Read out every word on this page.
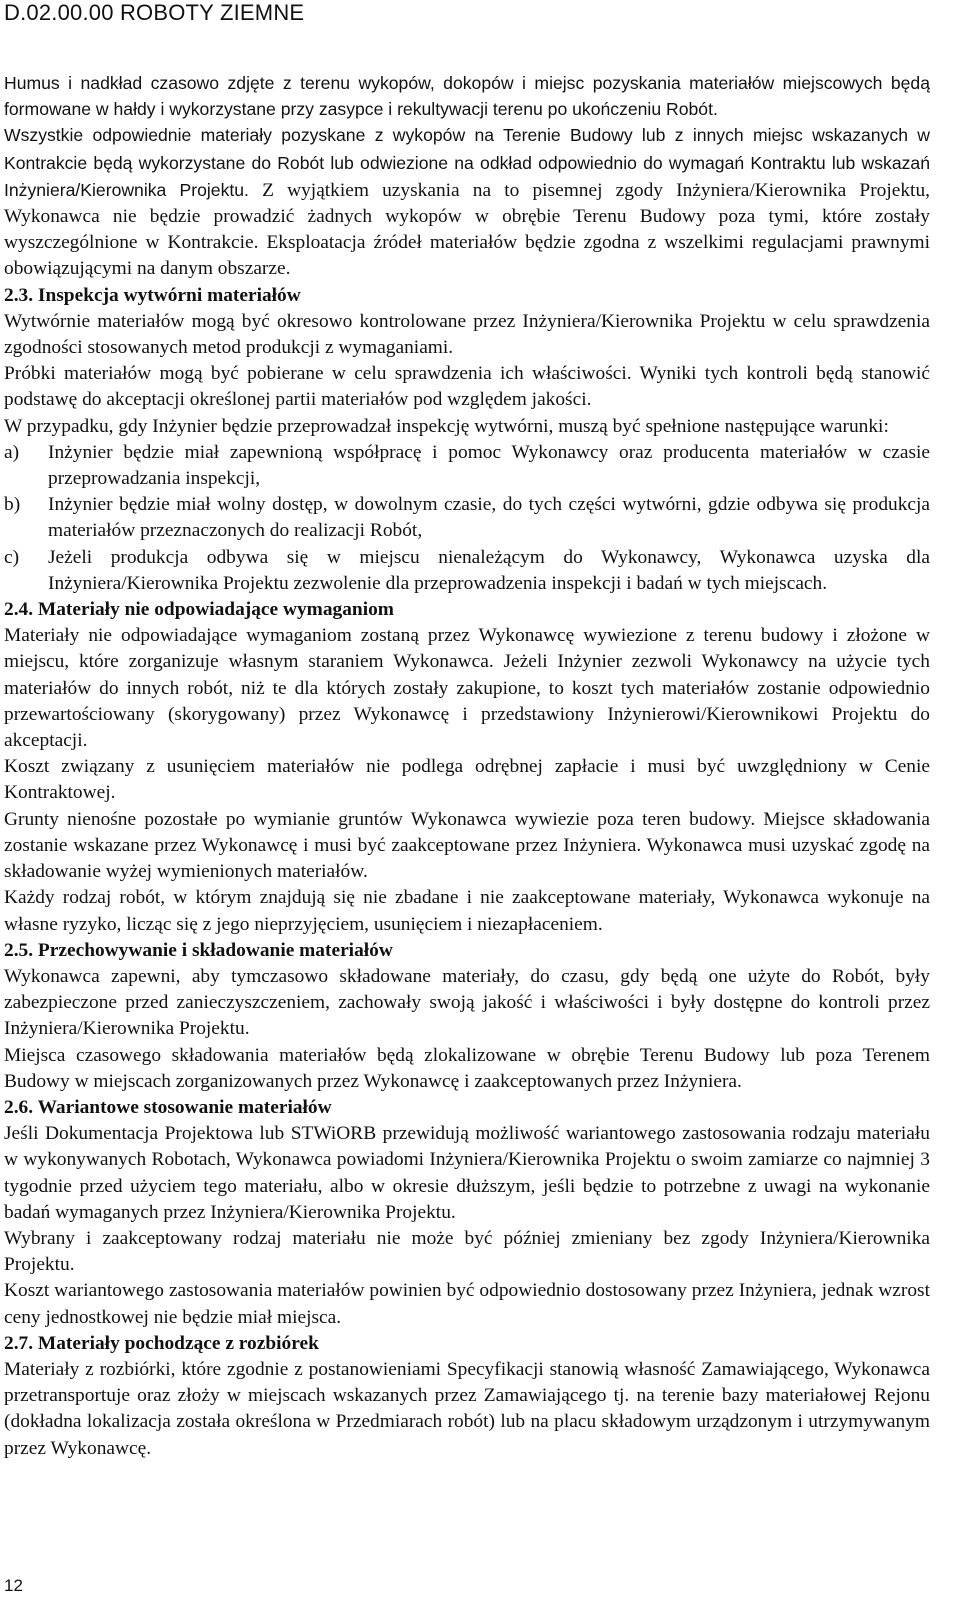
D.02.00.00 ROBOTY ZIEMNE

Humus i nadkład czasowo zdjęte z terenu wykopów, dokopów i miejsc pozyskania materiałów miejscowych będą formowane w hałdy i wykorzystane przy zasypce i rekultywacji terenu po ukończeniu Robót.

Wszystkie odpowiednie materiały pozyskane z wykopów na Terenie Budowy lub z innych miejsc wskazanych w Kontrakcie będą wykorzystane do Robót lub odwiezione na odkład odpowiednio do wymagań Kontraktu lub wskazań Inżyniera/Kierownika Projektu. Z wyjątkiem uzyskania na to pisemnej zgody Inżyniera/Kierownika Projektu, Wykonawca nie będzie prowadzić żadnych wykopów w obrębie Terenu Budowy poza tymi, które zostały wyszczególnione w Kontrakcie. Eksploatacja źródeł materiałów będzie zgodna z wszelkimi regulacjami prawnymi obowiązującymi na danym obszarze.

2.3. Inspekcja wytwórni materiałów

Wytwórnie materiałów mogą być okresowo kontrolowane przez Inżyniera/Kierownika Projektu w celu sprawdzenia zgodności stosowanych metod produkcji z wymaganiami.

Próbki materiałów mogą być pobierane w celu sprawdzenia ich właściwości. Wyniki tych kontroli będą stanowić podstawę do akceptacji określonej partii materiałów pod względem jakości.

W przypadku, gdy Inżynier będzie przeprowadzał inspekcję wytwórni, muszą być spełnione następujące warunki:

a)	Inżynier będzie miał zapewnioną współpracę i pomoc Wykonawcy oraz producenta materiałów w czasie przeprowadzania inspekcji,
b)	Inżynier będzie miał wolny dostęp, w dowolnym czasie, do tych części wytwórni, gdzie odbywa się produkcja materiałów przeznaczonych do realizacji Robót,
c)	Jeżeli produkcja odbywa się w miejscu nienależącym do Wykonawcy, Wykonawca uzyska dla Inżyniera/Kierownika Projektu zezwolenie dla przeprowadzenia inspekcji i badań w tych miejscach.
2.4. Materiały nie odpowiadające wymaganiom

Materiały nie odpowiadające wymaganiom zostaną przez Wykonawcę wywiezione z terenu budowy i złożone w miejscu, które zorganizuje własnym staraniem Wykonawca. Jeżeli Inżynier zezwoli Wykonawcy na użycie tych materiałów do innych robót, niż te dla których zostały zakupione, to koszt tych materiałów zostanie odpowiednio przewartościowany (skorygowany) przez Wykonawcę i przedstawiony Inżynierowi/Kierownikowi Projektu do akceptacji.

Koszt związany z usunięciem materiałów nie podlega odrębnej zapłacie i musi być uwzględniony w Cenie Kontraktowej.

Grunty nienośne pozostałe po wymianie gruntów Wykonawca wywiezie poza teren budowy. Miejsce składowania zostanie wskazane przez Wykonawcę i musi być zaakceptowane przez Inżyniera. Wykonawca musi uzyskać zgodę na składowanie wyżej wymienionych materiałów.

Każdy rodzaj robót, w którym znajdują się nie zbadane i nie zaakceptowane materiały, Wykonawca wykonuje na własne ryzyko, licząc się z jego nieprzyjęciem, usunięciem i niezapłaceniem.

2.5. Przechowywanie i składowanie materiałów

Wykonawca zapewni, aby tymczasowo składowane materiały, do czasu, gdy będą one użyte do Robót, były zabezpieczone przed zanieczyszczeniem, zachowały swoją jakość i właściwości i były dostępne do kontroli przez Inżyniera/Kierownika Projektu.

Miejsca czasowego składowania materiałów będą zlokalizowane w obrębie Terenu Budowy lub poza Terenem Budowy w miejscach zorganizowanych przez Wykonawcę i zaakceptowanych przez Inżyniera.

2.6. Wariantowe stosowanie materiałów

Jeśli Dokumentacja Projektowa lub STWiORB przewidują możliwość wariantowego zastosowania rodzaju materiału w wykonywanych Robotach, Wykonawca powiadomi Inżyniera/Kierownika Projektu o swoim zamiarze co najmniej 3 tygodnie przed użyciem tego materiału, albo w okresie dłuższym, jeśli będzie to potrzebne z uwagi na wykonanie badań wymaganych przez Inżyniera/Kierownika Projektu.

Wybrany i zaakceptowany rodzaj materiału nie może być później zmieniany bez zgody Inżyniera/Kierownika Projektu.

Koszt wariantowego zastosowania materiałów powinien być odpowiednio dostosowany przez Inżyniera, jednak wzrost ceny jednostkowej nie będzie miał miejsca.

2.7. Materiały pochodzące z rozbiórek

Materiały z rozbiórki, które zgodnie z postanowieniami Specyfikacji stanowią własność Zamawiającego, Wykonawca przetransportuje oraz złoży w miejscach wskazanych przez Zamawiającego tj. na terenie bazy materiałowej Rejonu (dokładna lokalizacja została określona w Przedmiarach robót) lub na placu składowym urządzonym i utrzymywanym przez Wykonawcę.

12
